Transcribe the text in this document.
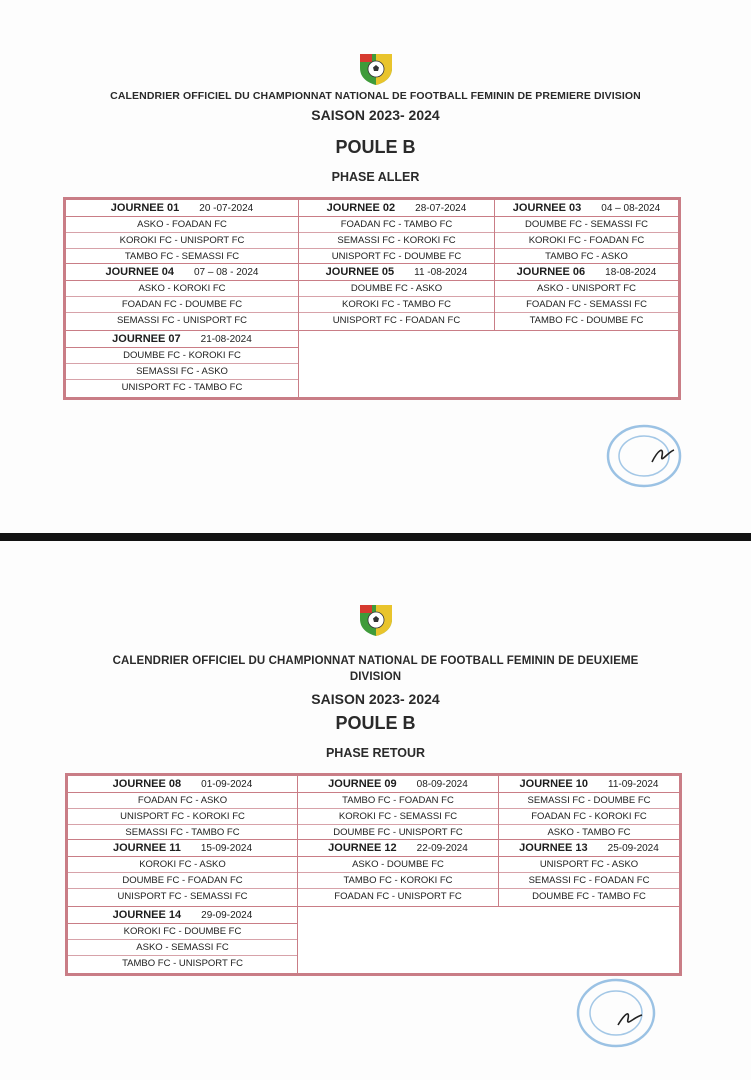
CALENDRIER OFFICIEL DU CHAMPIONNAT NATIONAL DE FOOTBALL FEMININ DE PREMIERE DIVISION
SAISON 2023- 2024
POULE B
PHASE ALLER
JOURNEE 01 20 -07-2024
ASKO - FOADAN FC
KOROKI FC - UNISPORT FC
TAMBO FC - SEMASSI FC
JOURNEE 02 28-07-2024
FOADAN FC - TAMBO FC
SEMASSI FC - KOROKI FC
UNISPORT FC - DOUMBE FC
JOURNEE 03 04 – 08-2024
DOUMBE FC - SEMASSI FC
KOROKI FC - FOADAN FC
TAMBO FC - ASKO
JOURNEE 04 07 – 08 - 2024
ASKO - KOROKI FC
FOADAN FC - DOUMBE FC
SEMASSI FC - UNISPORT FC
JOURNEE 05 11 -08-2024
DOUMBE FC - ASKO
KOROKI FC - TAMBO FC
UNISPORT FC - FOADAN FC
JOURNEE 06 18-08-2024
ASKO - UNISPORT FC
FOADAN FC - SEMASSI FC
TAMBO FC - DOUMBE FC
JOURNEE 07 21-08-2024
DOUMBE FC - KOROKI FC
SEMASSI FC - ASKO
UNISPORT FC - TAMBO FC
CALENDRIER OFFICIEL DU CHAMPIONNAT NATIONAL DE FOOTBALL FEMININ DE DEUXIEME
DIVISION
SAISON 2023- 2024
POULE B
PHASE RETOUR
JOURNEE 08 01-09-2024
FOADAN FC - ASKO
UNISPORT FC - KOROKI FC
SEMASSI FC - TAMBO FC
JOURNEE 09 08-09-2024
TAMBO FC - FOADAN FC
KOROKI FC - SEMASSI FC
DOUMBE FC - UNISPORT FC
JOURNEE 10 11-09-2024
SEMASSI FC - DOUMBE FC
FOADAN FC - KOROKI FC
ASKO - TAMBO FC
JOURNEE 11 15-09-2024
KOROKI FC - ASKO
DOUMBE FC - FOADAN FC
UNISPORT FC - SEMASSI FC
JOURNEE 12 22-09-2024
ASKO - DOUMBE FC
TAMBO FC - KOROKI FC
FOADAN FC - UNISPORT FC
JOURNEE 13 25-09-2024
UNISPORT FC - ASKO
SEMASSI FC - FOADAN FC
DOUMBE FC - TAMBO FC
JOURNEE 14 29-09-2024
KOROKI FC - DOUMBE FC
ASKO - SEMASSI FC
TAMBO FC - UNISPORT FC
